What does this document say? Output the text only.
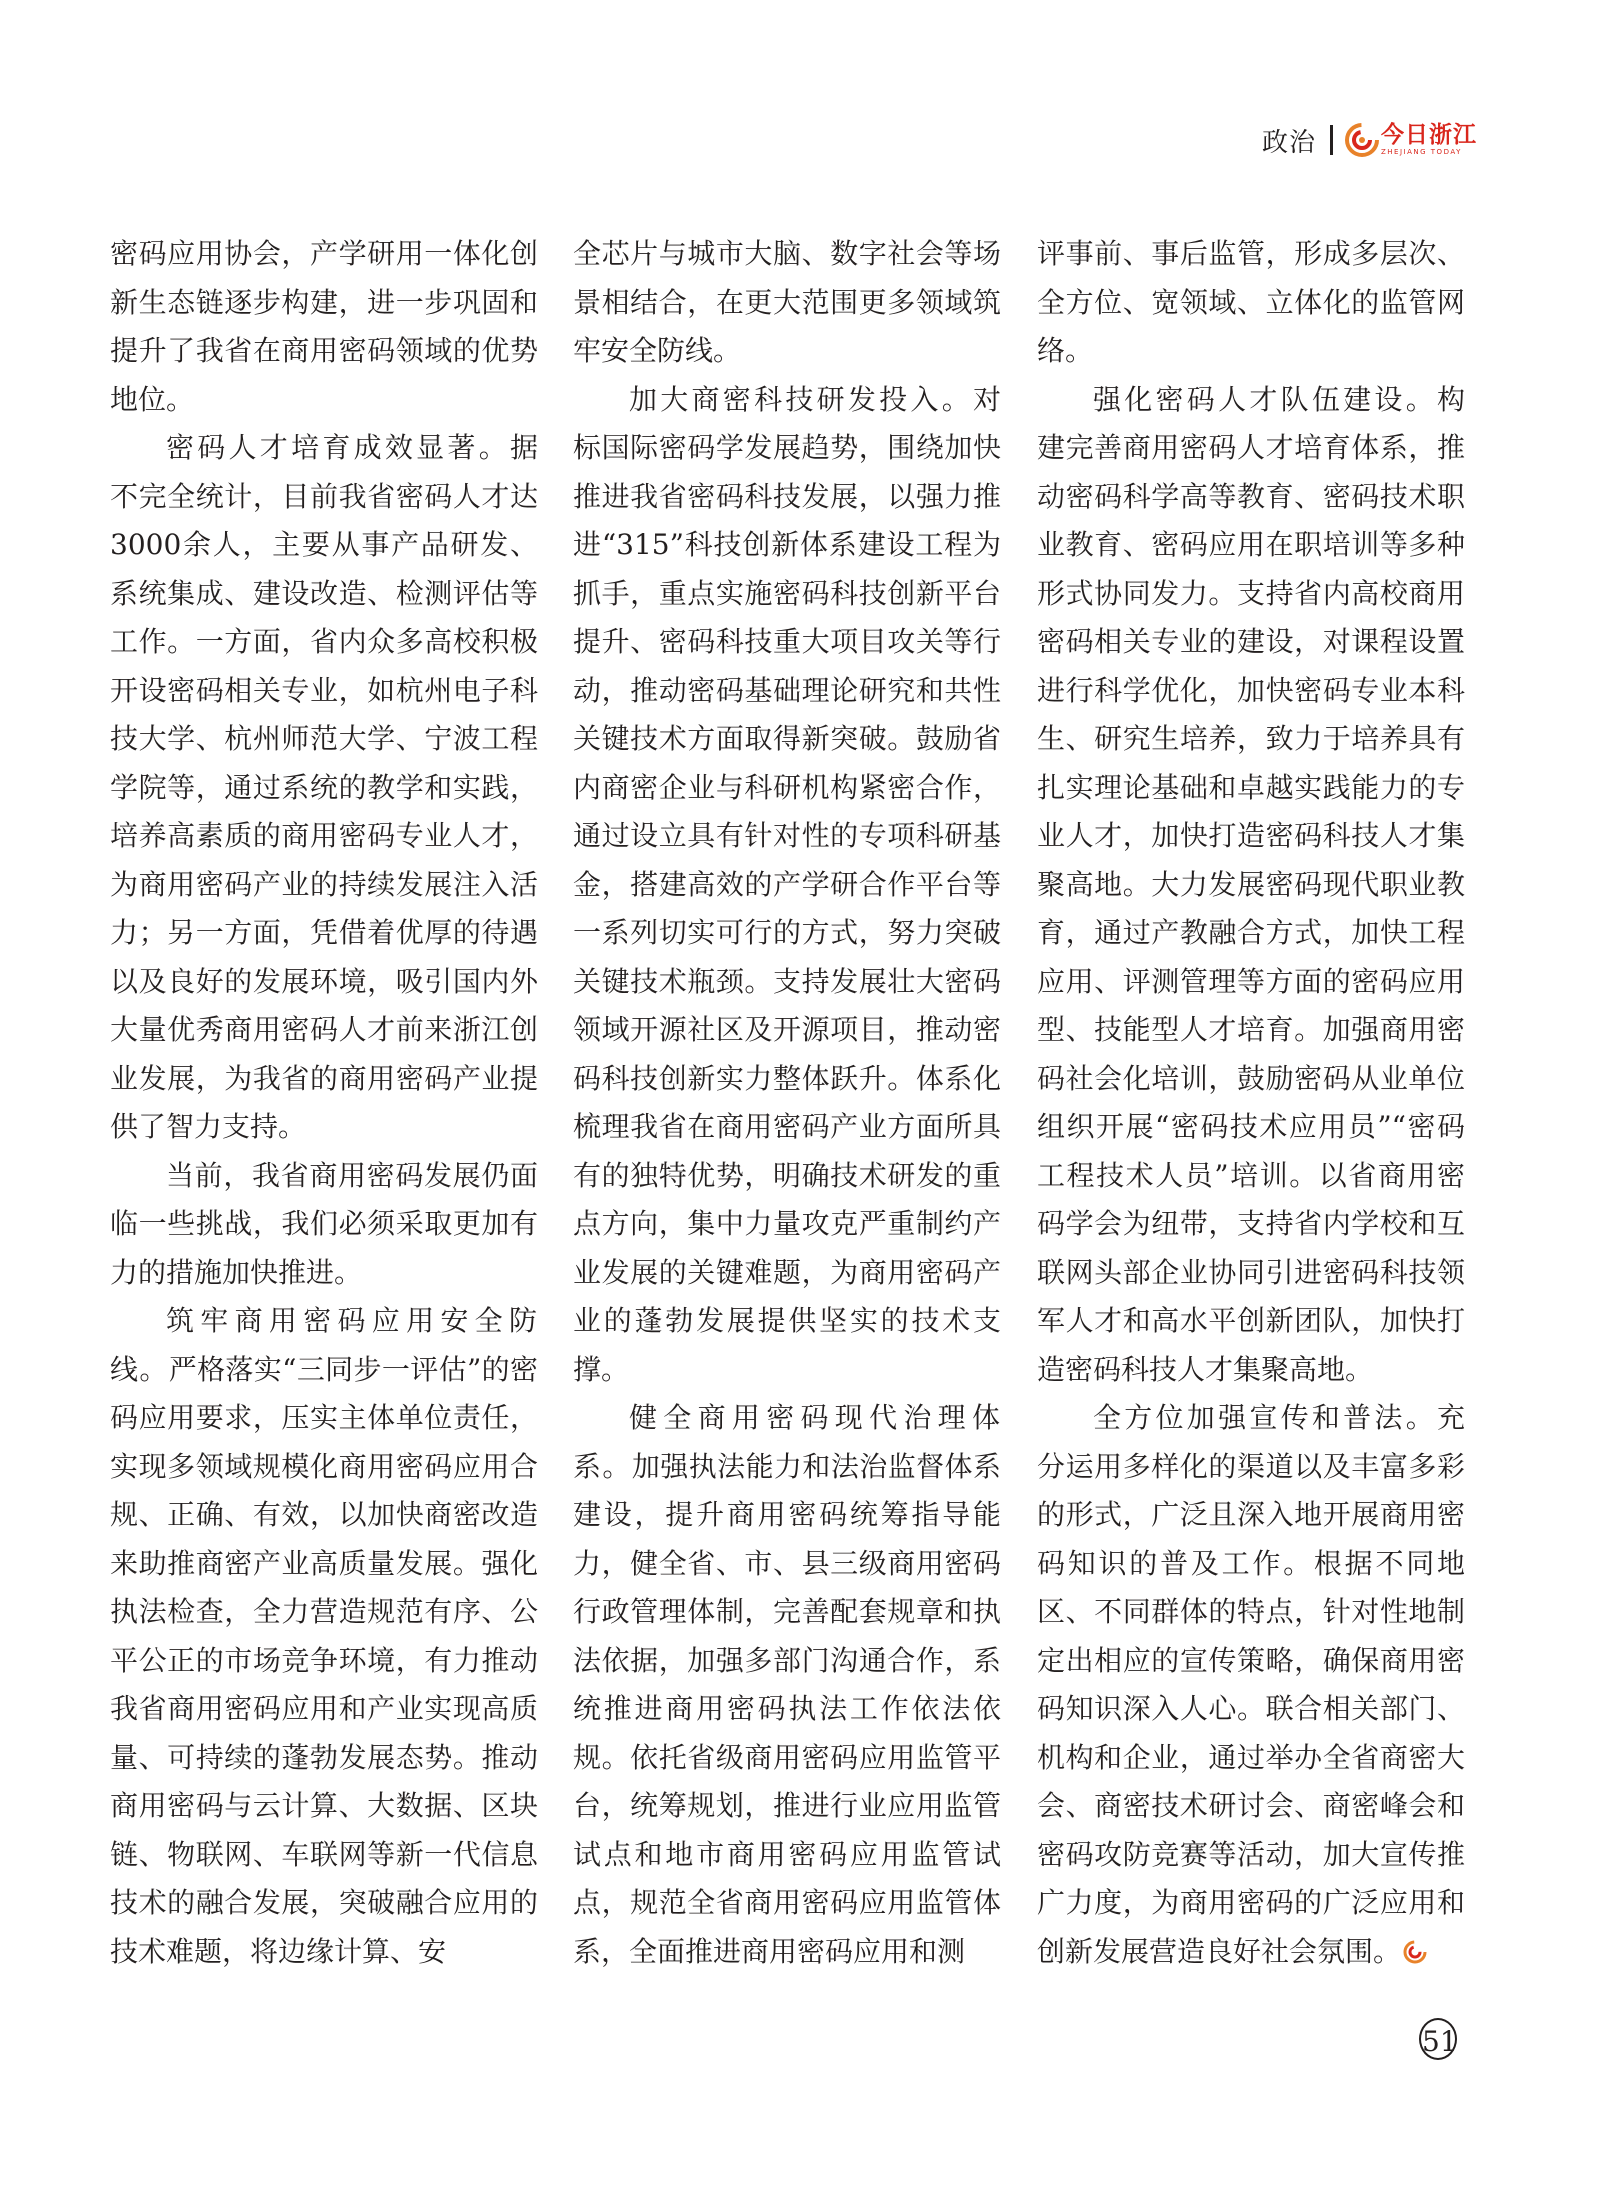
政治	今日浙江
ZHEJIANG TODAY

密码应用协会，产学研用一体化创新生态链逐步构建，进一步巩固和提升了我省在商用密码领域的优势地位。

密码人才培育成效显著。据不完全统计，目前我省密码人才达3000余人，主要从事产品研发、系统集成、建设改造、检测评估等工作。一方面，省内众多高校积极开设密码相关专业，如杭州电子科技大学、杭州师范大学、宁波工程学院等，通过系统的教学和实践，培养高素质的商用密码专业人才，为商用密码产业的持续发展注入活力；另一方面，凭借着优厚的待遇以及良好的发展环境，吸引国内外大量优秀商用密码人才前来浙江创业发展，为我省的商用密码产业提供了智力支持。

当前，我省商用密码发展仍面临一些挑战，我们必须采取更加有力的措施加快推进。

筑牢商用密码应用安全防线。严格落实“三同步一评估”的密码应用要求，压实主体单位责任，实现多领域规模化商用密码应用合规、正确、有效，以加快商密改造来助推商密产业高质量发展。强化执法检查，全力营造规范有序、公平公正的市场竞争环境，有力推动我省商用密码应用和产业实现高质量、可持续的蓬勃发展态势。推动商用密码与云计算、大数据、区块链、物联网、车联网等新一代信息技术的融合发展，突破融合应用的技术难题，将边缘计算、安

全芯片与城市大脑、数字社会等场景相结合，在更大范围更多领域筑牢安全防线。

加大商密科技研发投入。对标国际密码学发展趋势，围绕加快推进我省密码科技发展，以强力推进“315”科技创新体系建设工程为抓手，重点实施密码科技创新平台提升、密码科技重大项目攻关等行动，推动密码基础理论研究和共性关键技术方面取得新突破。鼓励省内商密企业与科研机构紧密合作，通过设立具有针对性的专项科研基金，搭建高效的产学研合作平台等一系列切实可行的方式，努力突破关键技术瓶颈。支持发展壮大密码领域开源社区及开源项目，推动密码科技创新实力整体跃升。体系化梳理我省在商用密码产业方面所具有的独特优势，明确技术研发的重点方向，集中力量攻克严重制约产业发展的关键难题，为商用密码产业的蓬勃发展提供坚实的技术支撑。

健全商用密码现代治理体系。加强执法能力和法治监督体系建设，提升商用密码统筹指导能力，健全省、市、县三级商用密码行政管理体制，完善配套规章和执法依据，加强多部门沟通合作，系统推进商用密码执法工作依法依规。依托省级商用密码应用监管平台，统筹规划，推进行业应用监管试点和地市商用密码应用监管试点，规范全省商用密码应用监管体系，全面推进商用密码应用和测

评事前、事后监管，形成多层次、全方位、宽领域、立体化的监管网络。

强化密码人才队伍建设。构建完善商用密码人才培育体系，推动密码科学高等教育、密码技术职业教育、密码应用在职培训等多种形式协同发力。支持省内高校商用密码相关专业的建设，对课程设置进行科学优化，加快密码专业本科生、研究生培养，致力于培养具有扎实理论基础和卓越实践能力的专业人才，加快打造密码科技人才集聚高地。大力发展密码现代职业教育，通过产教融合方式，加快工程应用、评测管理等方面的密码应用型、技能型人才培育。加强商用密码社会化培训，鼓励密码从业单位组织开展“密码技术应用员”“密码工程技术人员”培训。以省商用密码学会为纽带，支持省内学校和互联网头部企业协同引进密码科技领军人才和高水平创新团队，加快打造密码科技人才集聚高地。

全方位加强宣传和普法。充分运用多样化的渠道以及丰富多彩的形式，广泛且深入地开展商用密码知识的普及工作。根据不同地区、不同群体的特点，针对性地制定出相应的宣传策略，确保商用密码知识深入人心。联合相关部门、机构和企业，通过举办全省商密大会、商密技术研讨会、商密峰会和密码攻防竞赛等活动，加大宣传推广力度，为商用密码的广泛应用和创新发展营造良好社会氛围。

51
